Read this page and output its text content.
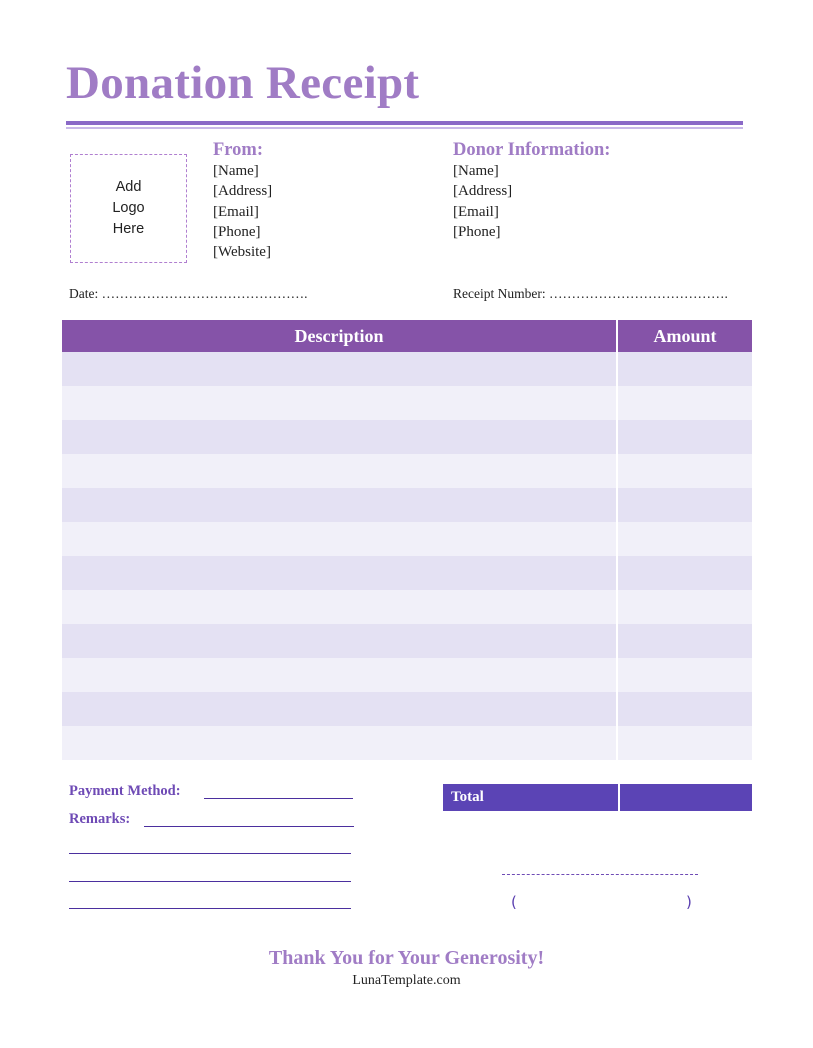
Donation Receipt
Add
Logo
Here
From:
[Name]
[Address]
[Email]
[Phone]
[Website]
Donor Information:
[Name]
[Address]
[Email]
[Phone]
Date: ……………………………………….	Receipt Number: ………………………………….
Description	Amount
Payment Method:
Remarks:
Total
(	)
Thank You for Your Generosity!
LunaTemplate.com
